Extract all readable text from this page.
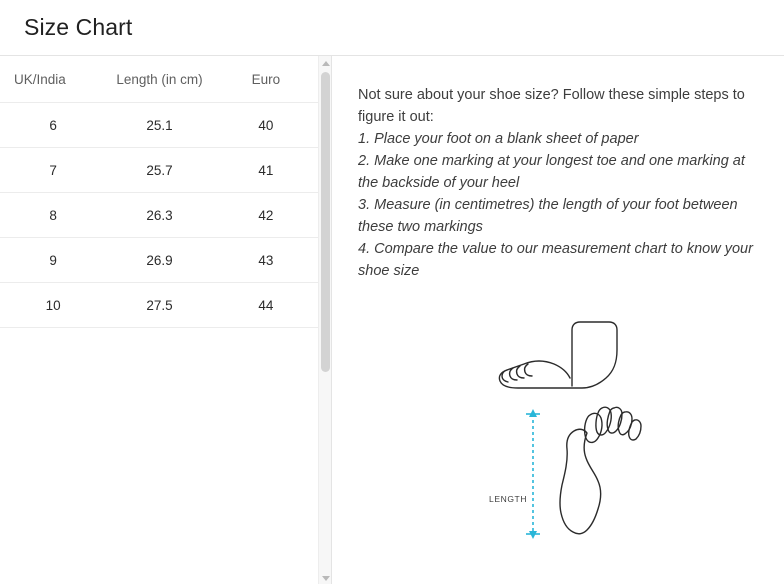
Size Chart
UK/India	Length (in cm)	Euro
6	25.1	40
7	25.7	41
8	26.3	42
9	26.9	43
10	27.5	44
Not sure about your shoe size? Follow these simple steps to figure it out:
1. Place your foot on a blank sheet of paper
2. Make one marking at your longest toe and one marking at the backside of your heel
3. Measure (in centimetres) the length of your foot between these two markings
4. Compare the value to our measurement chart to know your shoe size
LENGTH
